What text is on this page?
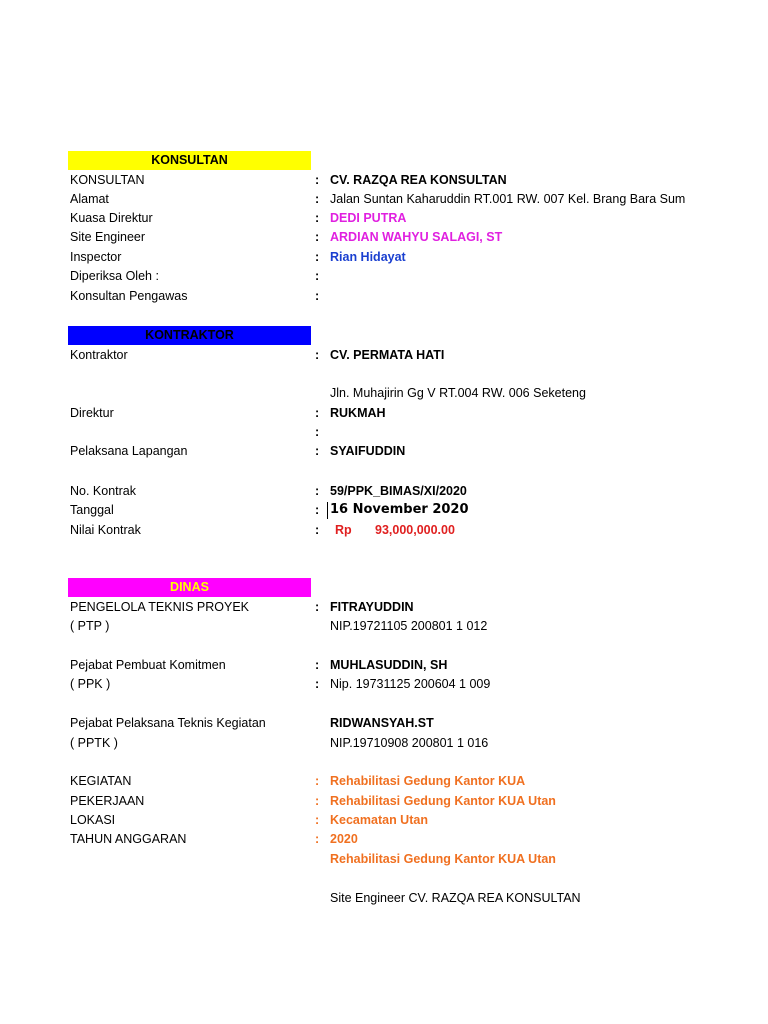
KONSULTAN
KONSULTAN	: CV. RAZQA REA KONSULTAN
Alamat	: Jalan Suntan Kaharuddin RT.001 RW. 007 Kel. Brang Bara Sum
Kuasa Direktur	: DEDI PUTRA
Site Engineer	: ARDIAN WAHYU SALAGI, ST
Inspector	: Rian Hidayat
Diperiksa Oleh :	:
Konsultan Pengawas	:
KONTRAKTOR
Kontraktor	: CV. PERMATA HATI
Jln. Muhajirin Gg V RT.004 RW. 006 Seketeng
Direktur	: RUKMAH
:
Pelaksana Lapangan	: SYAIFUDDIN
No. Kontrak	: 59/PPK_BIMAS/XI/2020
Tanggal	: 16 November 2020
Nilai Kontrak	: Rp 93,000,000.00
DINAS
PENGELOLA TEKNIS PROYEK	: FITRAYUDDIN
( PTP )	NIP.19721105 200801 1 012
Pejabat Pembuat Komitmen	: MUHLASUDDIN, SH
( PPK )	: Nip. 19731125 200604 1 009
Pejabat Pelaksana Teknis Kegiatan	RIDWANSYAH.ST
( PPTK )	NIP.19710908 200801 1 016
KEGIATAN	: Rehabilitasi Gedung Kantor KUA
PEKERJAAN	: Rehabilitasi Gedung Kantor KUA Utan
LOKASI	: Kecamatan Utan
TAHUN ANGGARAN	: 2020
Rehabilitasi Gedung Kantor KUA Utan
Site Engineer CV. RAZQA REA KONSULTAN
